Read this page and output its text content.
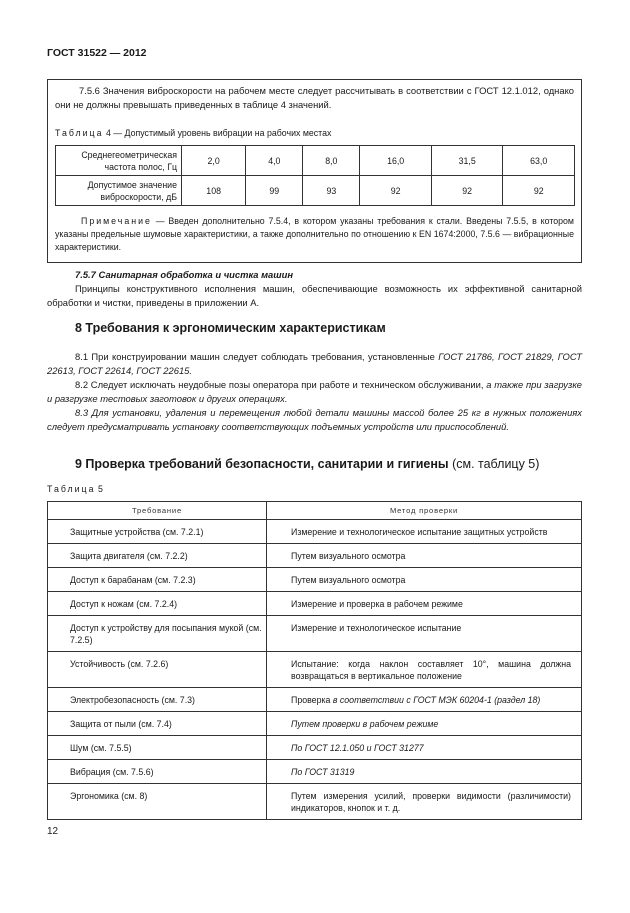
ГОСТ 31522 — 2012
7.5.6 Значения виброскорости на рабочем месте следует рассчитывать в соответствии с ГОСТ 12.1.012, однако они не должны превышать приведенных в таблице 4 значений.
Таблица 4 — Допустимый уровень вибрации на рабочих местах
Среднегеометрическая частота полос, Гц	2,0	4,0	8,0	16,0	31,5	63,0
Допустимое значение виброскорости, дБ	108	99	93	92	92	92
Примечание — Введен дополнительно 7.5.4, в котором указаны требования к стали. Введены 7.5.5, в котором указаны предельные шумовые характеристики, а также дополнительно по отношению к EN 1674:2000, 7.5.6 — вибрационные характеристики.
7.5.7 Санитарная обработка и чистка машин
Принципы конструктивного исполнения машин, обеспечивающие возможность их эффективной санитарной обработки и чистки, приведены в приложении А.
8 Требования к эргономическим характеристикам
8.1 При конструировании машин следует соблюдать требования, установленные ГОСТ 21786, ГОСТ 21829, ГОСТ 22613, ГОСТ 22614, ГОСТ 22615.
8.2 Следует исключать неудобные позы оператора при работе и техническом обслуживании, а также при загрузке и разгрузке тестовых заготовок и других операциях.
8.3 Для установки, удаления и перемещения любой детали машины массой более 25 кг в нужных положениях следует предусматривать установку соответствующих подъемных устройств или приспособлений.
9 Проверка требований безопасности, санитарии и гигиены (см. таблицу 5)
Таблица 5
Требование	Метод проверки
Защитные устройства (см. 7.2.1)	Измерение и технологическое испытание защитных устройств
Защита двигателя (см. 7.2.2)	Путем визуального осмотра
Доступ к барабанам (см. 7.2.3)	Путем визуального осмотра
Доступ к ножам (см. 7.2.4)	Измерение и проверка в рабочем режиме
Доступ к устройству для посыпания мукой (см. 7.2.5)	Измерение и технологическое испытание
Устойчивость (см. 7.2.6)	Испытание: когда наклон составляет 10°, машина должна возвращаться в вертикальное положение
Электробезопасность (см. 7.3)	Проверка в соответствии с ГОСТ МЭК 60204-1 (раздел 18)
Защита от пыли (см. 7.4)	Путем проверки в рабочем режиме
Шум (см. 7.5.5)	По ГОСТ 12.1.050 и ГОСТ 31277
Вибрация (см. 7.5.6)	По ГОСТ 31319
Эргономика (см. 8)	Путем измерения усилий, проверки видимости (различимости) индикаторов, кнопок и т. д.
12
